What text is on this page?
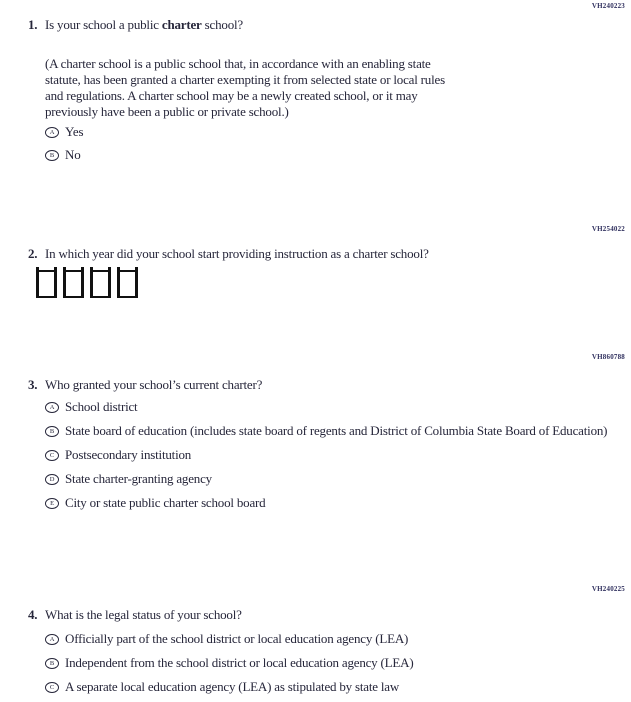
VH240223
1. Is your school a public charter school?
(A charter school is a public school that, in accordance with an enabling state
statute, has been granted a charter exempting it from selected state or local rules
and regulations. A charter school may be a newly created school, or it may
previously have been a public or private school.)
A Yes
B No
VH254022
2. In which year did your school start providing instruction as a charter school?
VH860788
3. Who granted your school’s current charter?
A School district
B State board of education (includes state board of regents and District of Columbia State Board of Education)
C Postsecondary institution
D State charter-granting agency
E City or state public charter school board
VH240225
4. What is the legal status of your school?
A Officially part of the school district or local education agency (LEA)
B Independent from the school district or local education agency (LEA)
C A separate local education agency (LEA) as stipulated by state law
